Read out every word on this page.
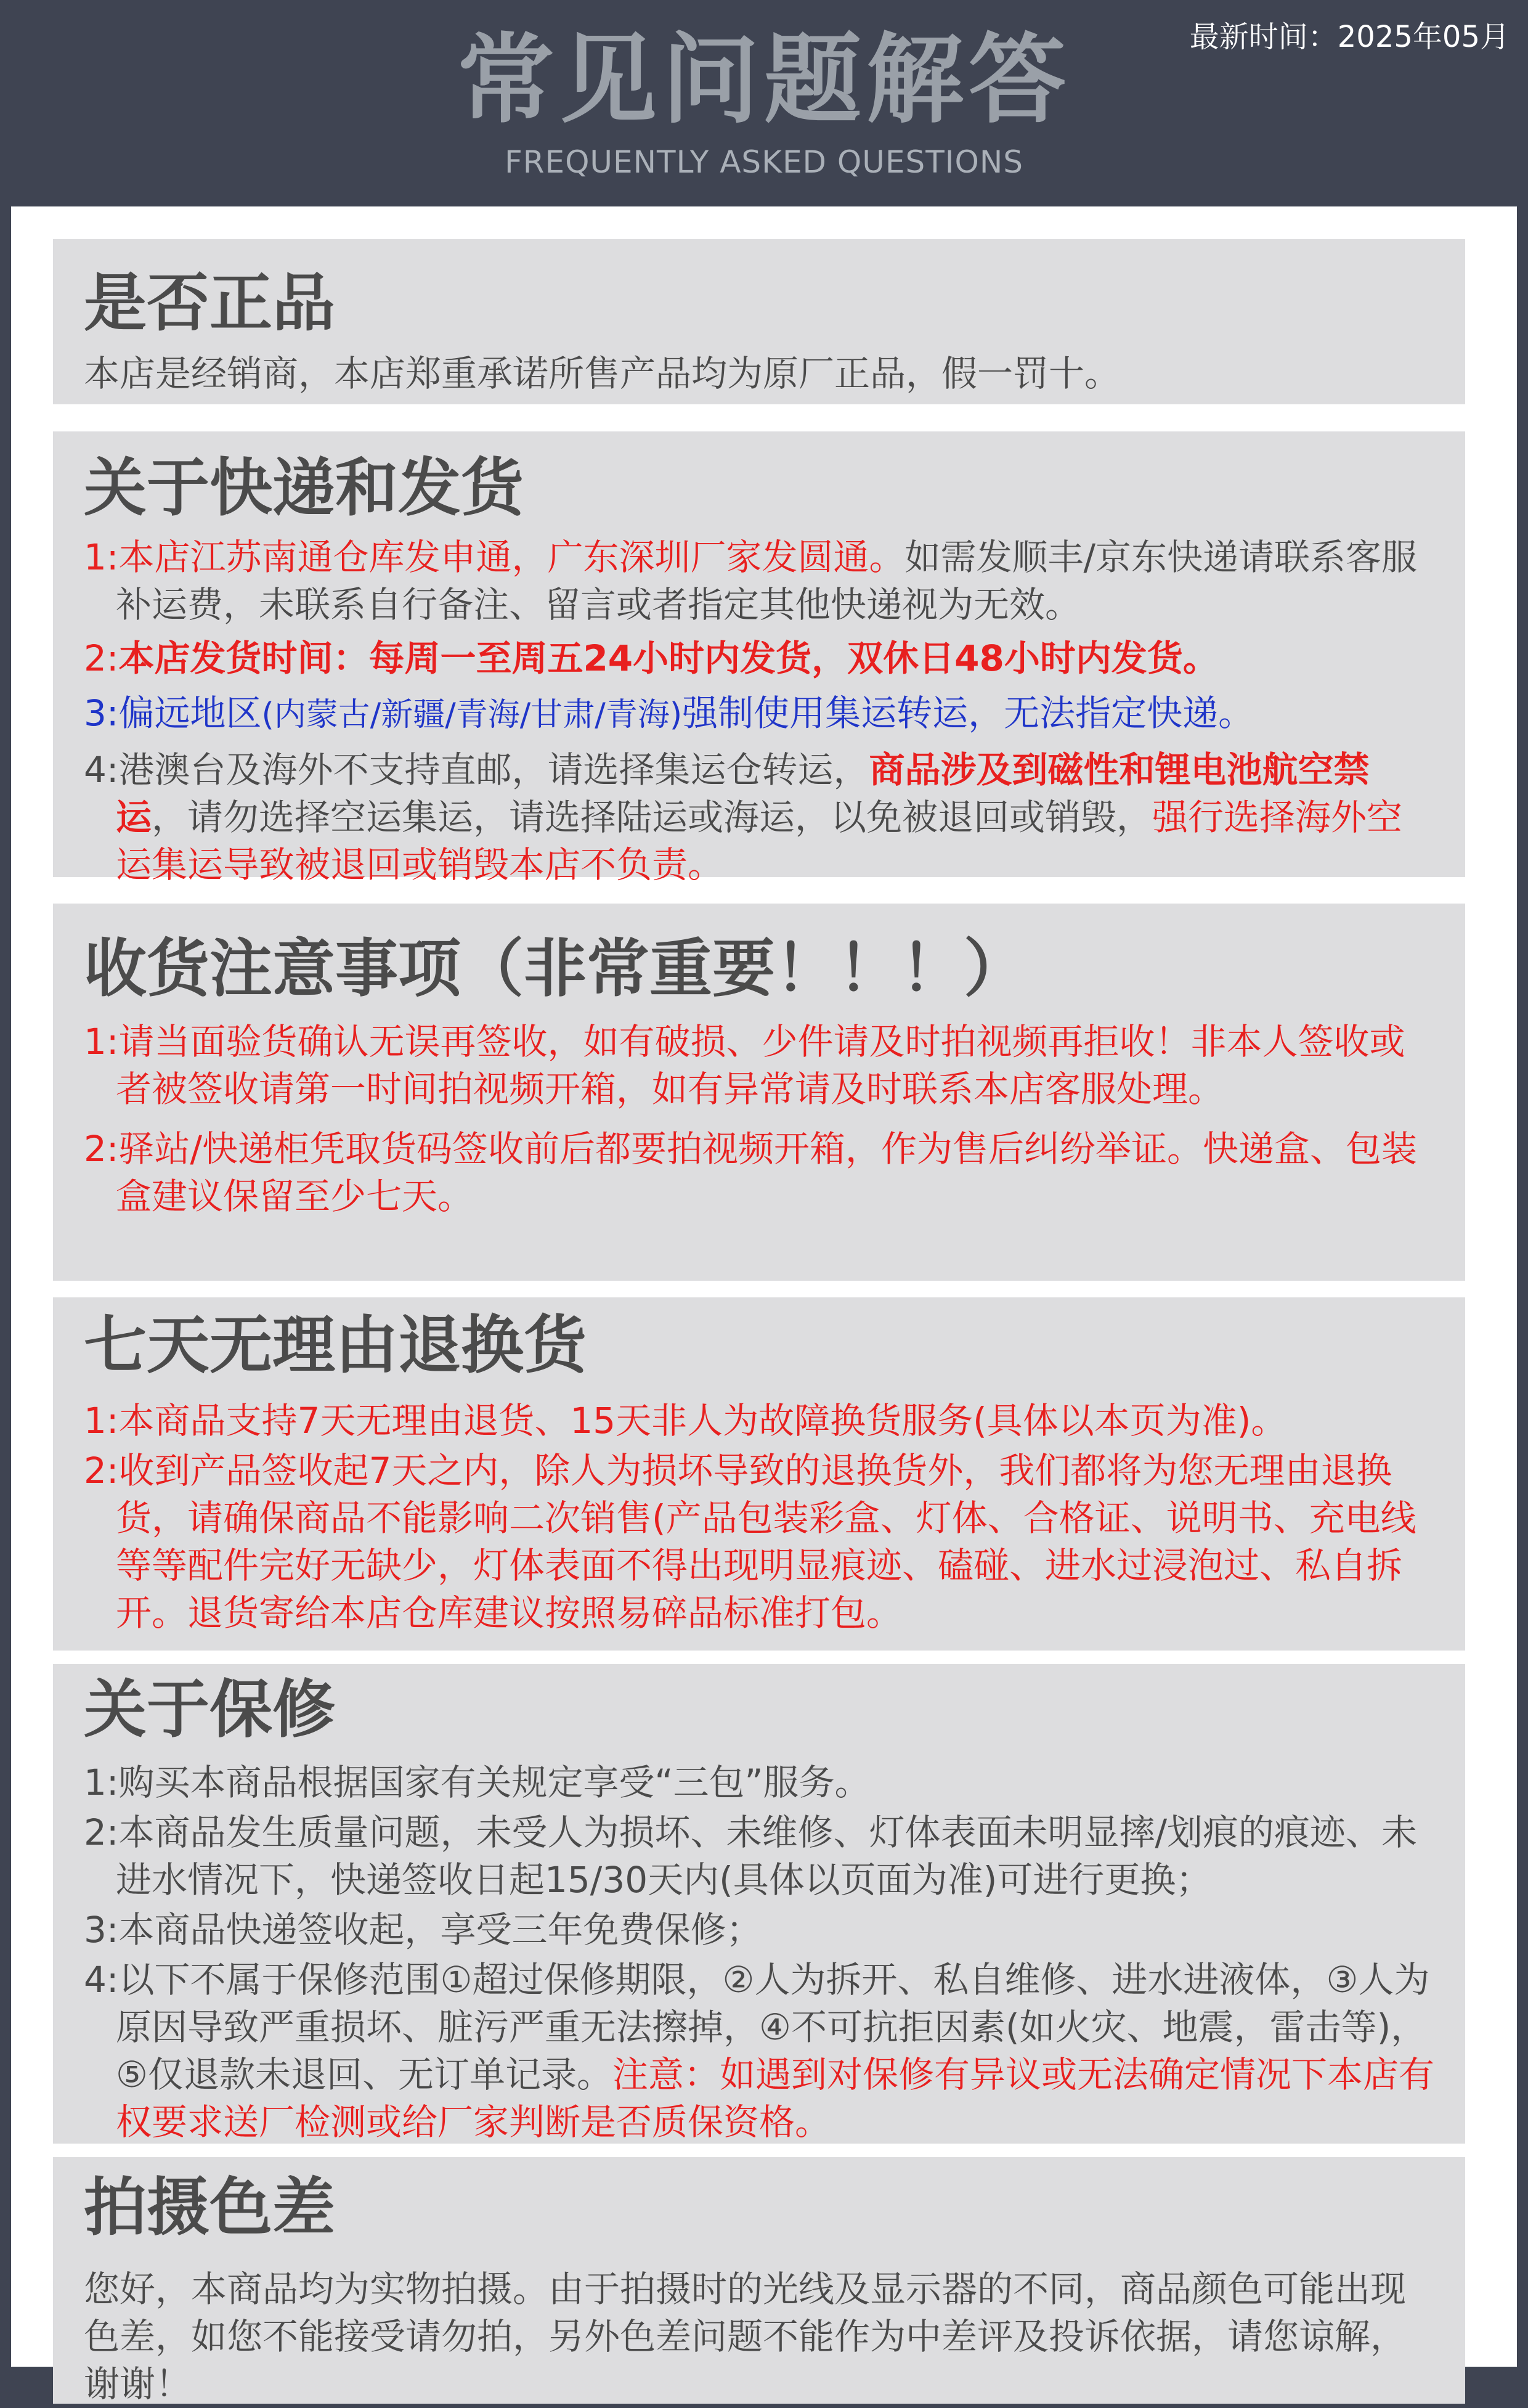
常见问题解答
FREQUENTLY ASKED QUESTIONS
最新时间：2025年05月
是否正品

本店是经销商，本店郑重承诺所售产品均为原厂正品，假一罚十。

关于快递和发货

1:本店江苏南通仓库发申通，广东深圳厂家发圆通。如需发顺丰/京东快递请联系客服补运费，未联系自行备注、留言或者指定其他快递视为无效。

2:本店发货时间：每周一至周五24小时内发货，双休日48小时内发货。

3:偏远地区(内蒙古/新疆/青海/甘肃/青海)强制使用集运转运，无法指定快递。

4:港澳台及海外不支持直邮，请选择集运仓转运，商品涉及到磁性和锂电池航空禁运，请勿选择空运集运，请选择陆运或海运，以免被退回或销毁，强行选择海外空运集运导致被退回或销毁本店不负责。

收货注意事项（非常重要！！！）

1:请当面验货确认无误再签收，如有破损、少件请及时拍视频再拒收！非本人签收或者被签收请第一时间拍视频开箱，如有异常请及时联系本店客服处理。

2:驿站/快递柜凭取货码签收前后都要拍视频开箱，作为售后纠纷举证。快递盒、包装盒建议保留至少七天。

七天无理由退换货

1:本商品支持7天无理由退货、15天非人为故障换货服务(具体以本页为准)。

2:收到产品签收起7天之内，除人为损坏导致的退换货外，我们都将为您无理由退换货，请确保商品不能影响二次销售(产品包装彩盒、灯体、合格证、说明书、充电线等等配件完好无缺少，灯体表面不得出现明显痕迹、磕碰、进水过浸泡过、私自拆开。退货寄给本店仓库建议按照易碎品标准打包。

关于保修

1:购买本商品根据国家有关规定享受“三包”服务。

2:本商品发生质量问题，未受人为损坏、未维修、灯体表面未明显摔/划痕的痕迹、未进水情况下，快递签收日起15/30天内(具体以页面为准)可进行更换；

3:本商品快递签收起，享受三年免费保修；

4:以下不属于保修范围①超过保修期限，②人为拆开、私自维修、进水进液体，③人为原因导致严重损坏、脏污严重无法擦掉，④不可抗拒因素(如火灾、地震，雷击等)，⑤仅退款未退回、无订单记录。注意：如遇到对保修有异议或无法确定情况下本店有权要求送厂检测或给厂家判断是否质保资格。

拍摄色差

您好，本商品均为实物拍摄。由于拍摄时的光线及显示器的不同，商品颜色可能出现色差，如您不能接受请勿拍，另外色差问题不能作为中差评及投诉依据，请您谅解，谢谢！
